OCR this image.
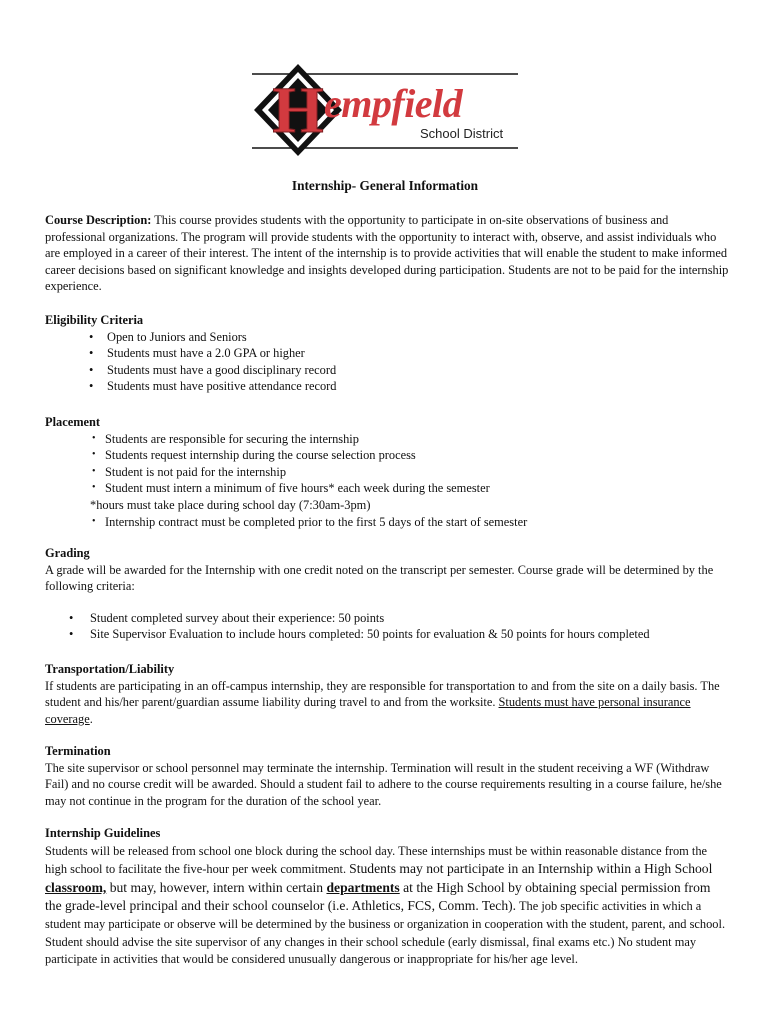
H empfield
School District
Internship- General Information

Course Description: This course provides students with the opportunity to participate in on-site observations of business and professional organizations. The program will provide students with the opportunity to interact with, observe, and assist individuals who are employed in a career of their interest. The intent of the internship is to provide activities that will enable the student to make informed career decisions based on significant knowledge and insights developed during participation. Students are not to be paid for the internship experience.

Eligibility Criteria

• Open to Juniors and Seniors
• Students must have a 2.0 GPA or higher
• Students must have a good disciplinary record
• Students must have positive attendance record

Placement

• Students are responsible for securing the internship
• Students request internship during the course selection process
• Student is not paid for the internship
• Student must intern a minimum of five hours* each week during the semester

*hours must take place during school day (7:30am-3pm)

• Internship contract must be completed prior to the first 5 days of the start of semester

Grading

A grade will be awarded for the Internship with one credit noted on the transcript per semester. Course grade will be determined by the following criteria:

• Student completed survey about their experience: 50 points
• Site Supervisor Evaluation to include hours completed: 50 points for evaluation & 50 points for hours completed

Transportation/Liability

If students are participating in an off-campus internship, they are responsible for transportation to and from the site on a daily basis. The student and his/her parent/guardian assume liability during travel to and from the worksite. Students must have personal insurance coverage.

Termination

The site supervisor or school personnel may terminate the internship. Termination will result in the student receiving a WF (Withdraw Fail) and no course credit will be awarded. Should a student fail to adhere to the course requirements resulting in a course failure, he/she may not continue in the program for the duration of the school year.

Internship Guidelines

Students will be released from school one block during the school day. These internships must be within reasonable distance from the high school to facilitate the five-hour per week commitment. Students may not participate in an Internship within a High School classroom, but may, however, intern within certain departments at the High School by obtaining special permission from the grade-level principal and their school counselor (i.e. Athletics, FCS, Comm. Tech). The job specific activities in which a student may participate or observe will be determined by the business or organization in cooperation with the student, parent, and school. Student should advise the site supervisor of any changes in their school schedule (early dismissal, final exams etc.) No student may participate in activities that would be considered unusually dangerous or inappropriate for his/her age level.
